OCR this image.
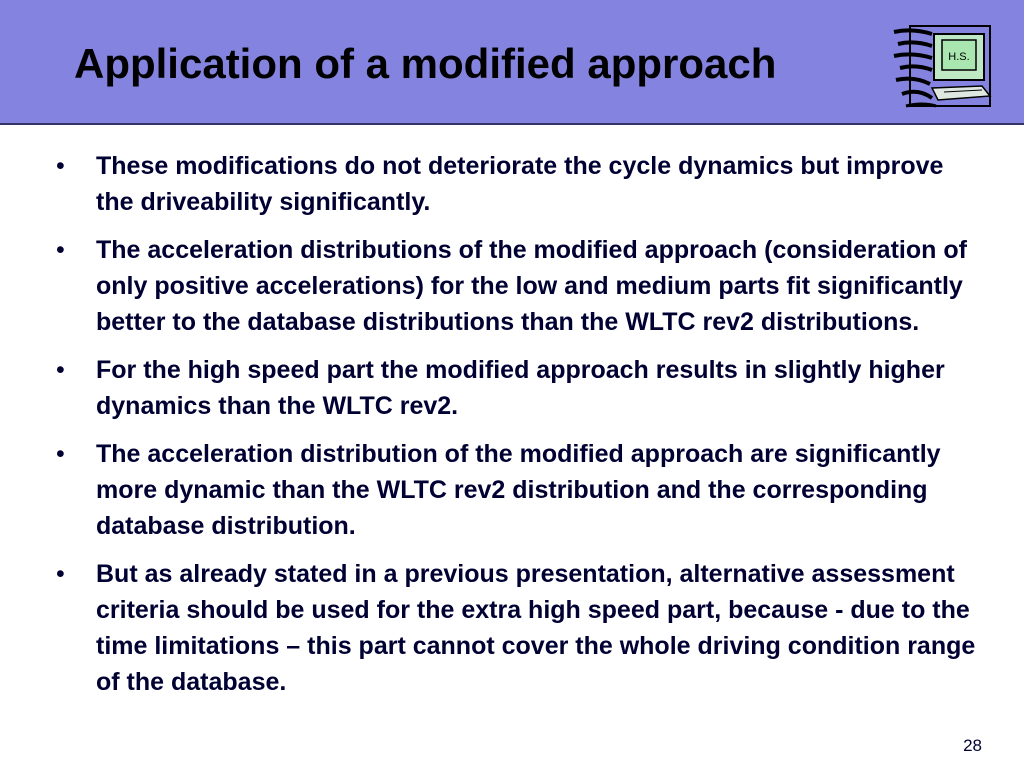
Application of a modified approach	H.S.
•	These modifications do not deteriorate the cycle dynamics but improve the driveability significantly.
•	The acceleration distributions of the modified approach (consideration of only positive accelerations) for the low and medium parts fit significantly better to the database distributions than the WLTC rev2 distributions.
•	For the high speed part the modified approach results in slightly higher dynamics than the WLTC rev2.
•	The acceleration distribution of the modified approach are significantly more dynamic than the WLTC rev2 distribution and the corresponding database distribution.
•	But as already stated in a previous presentation, alternative assessment criteria should be used for the extra high speed part, because - due to the time limitations – this part cannot cover the whole driving condition range of the database.
28
